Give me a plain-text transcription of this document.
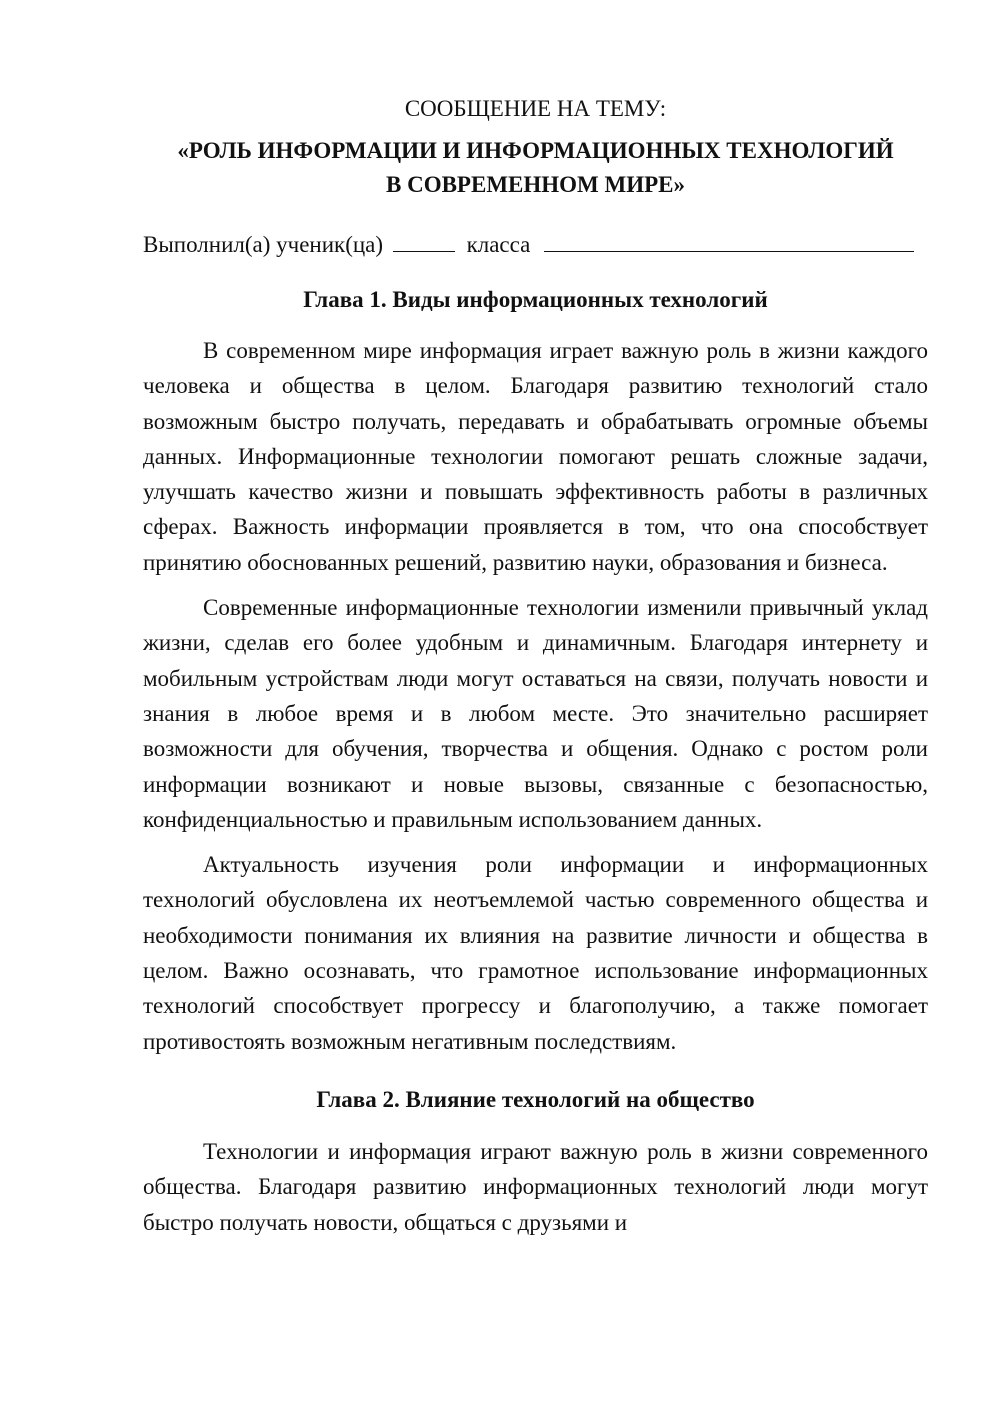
СООБЩЕНИЕ НА ТЕМУ:

«РОЛЬ ИНФОРМАЦИИ И ИНФОРМАЦИОННЫХ ТЕХНОЛОГИЙ
В СОВРЕМЕННОМ МИРЕ»

Выполнил(а) ученик(ца)	класса

Глава 1. Виды информационных технологий

В современном мире информация играет важную роль в жизни каждого человека и общества в целом. Благодаря развитию технологий стало возможным быстро получать, передавать и обрабатывать огромные объемы данных. Информационные технологии помогают решать сложные задачи, улучшать качество жизни и повышать эффективность работы в различных сферах. Важность информации проявляется в том, что она способствует принятию обоснованных решений, развитию науки, образования и бизнеса.

Современные информационные технологии изменили привычный уклад жизни, сделав его более удобным и динамичным. Благодаря интернету и мобильным устройствам люди могут оставаться на связи, получать новости и знания в любое время и в любом месте. Это значительно расширяет возможности для обучения, творчества и общения. Однако с ростом роли информации возникают и новые вызовы, связанные с безопасностью, конфиденциальностью и правильным использованием данных.

Актуальность изучения роли информации и информационных технологий обусловлена их неотъемлемой частью современного общества и необходимости понимания их влияния на развитие личности и общества в целом. Важно осознавать, что грамотное использование информационных технологий способствует прогрессу и благополучию, а также помогает противостоять возможным негативным последствиям.

Глава 2. Влияние технологий на общество

Технологии и информация играют важную роль в жизни современного общества. Благодаря развитию информационных технологий люди могут быстро получать новости, общаться с друзьями и
